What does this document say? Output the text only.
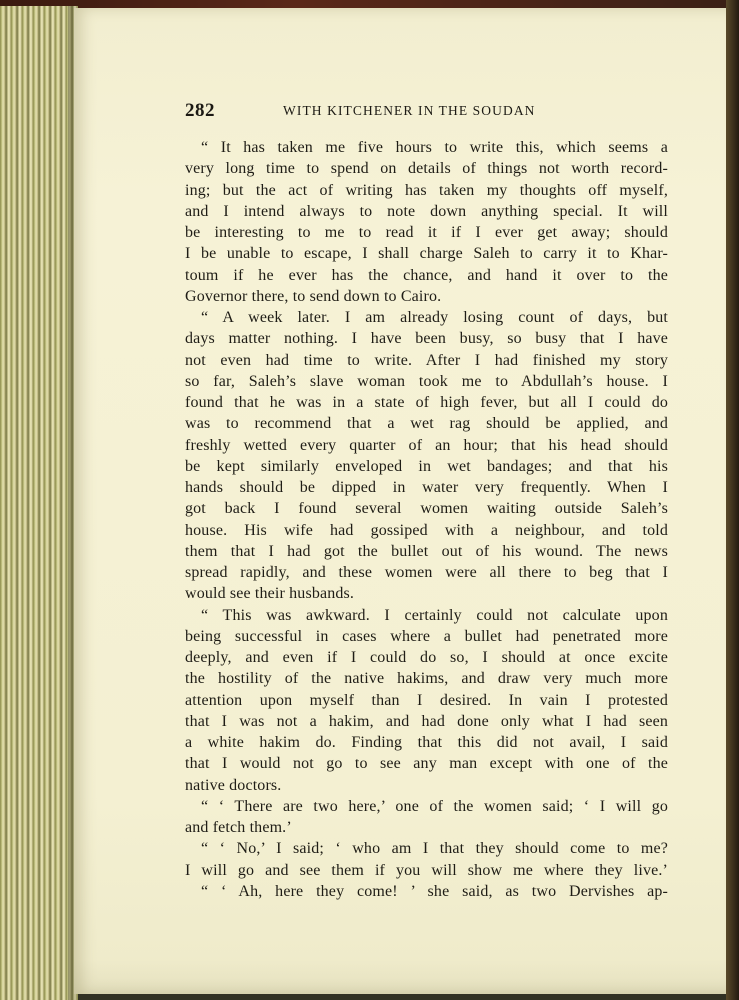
282	WITH KITCHENER IN THE SOUDAN
“ It has taken me five hours to write this, which seems a
very long time to spend on details of things not worth record-
ing; but the act of writing has taken my thoughts off myself,
and I intend always to note down anything special. It will
be interesting to me to read it if I ever get away; should
I be unable to escape, I shall charge Saleh to carry it to Khar-
toum if he ever has the chance, and hand it over to the
Governor there, to send down to Cairo.
“ A week later. I am already losing count of days, but
days matter nothing. I have been busy, so busy that I have
not even had time to write. After I had finished my story
so far, Saleh’s slave woman took me to Abdullah’s house. I
found that he was in a state of high fever, but all I could do
was to recommend that a wet rag should be applied, and
freshly wetted every quarter of an hour; that his head should
be kept similarly enveloped in wet bandages; and that his
hands should be dipped in water very frequently. When I
got back I found several women waiting outside Saleh’s
house. His wife had gossiped with a neighbour, and told
them that I had got the bullet out of his wound. The news
spread rapidly, and these women were all there to beg that I
would see their husbands.
“ This was awkward. I certainly could not calculate upon
being successful in cases where a bullet had penetrated more
deeply, and even if I could do so, I should at once excite
the hostility of the native hakims, and draw very much more
attention upon myself than I desired. In vain I protested
that I was not a hakim, and had done only what I had seen
a white hakim do. Finding that this did not avail, I said
that I would not go to see any man except with one of the
native doctors.
“ ‘ There are two here,’ one of the women said; ‘ I will go
and fetch them.’
“ ‘ No,’ I said; ‘ who am I that they should come to me?
I will go and see them if you will show me where they live.’
“ ‘ Ah, here they come! ’ she said, as two Dervishes ap-
